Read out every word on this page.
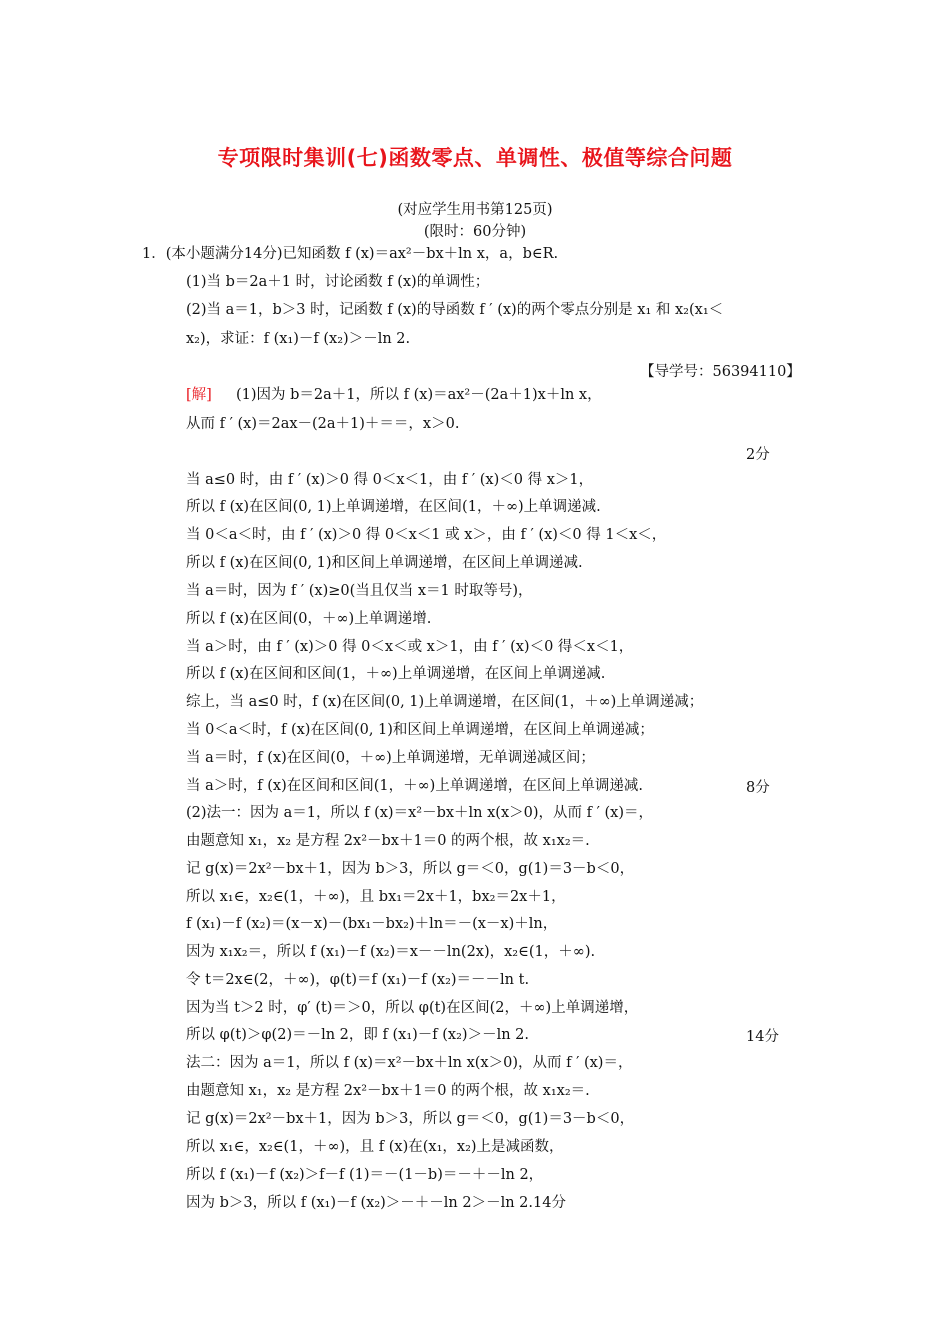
专项限时集训(七)函数零点、单调性、极值等综合问题
(对应学生用书第125页)
(限时：60分钟)
1．(本小题满分14分)已知函数 f (x)＝ax²－bx＋ln x，a，b∈R.
(1)当 b＝2a＋1 时，讨论函数 f (x)的单调性；
(2)当 a＝1，b＞3 时，记函数 f (x)的导函数 f ′ (x)的两个零点分别是 x₁ 和 x₂(x₁＜
x₂)，求证：f (x₁)－f (x₂)＞－ln 2.
【导学号：56394110】
[解] (1)因为 b＝2a＋1，所以 f (x)＝ax²－(2a＋1)x＋ln x，
从而 f ′ (x)＝2ax－(2a＋1)＋＝＝，x＞0.
2分
当 a≤0 时，由 f ′ (x)＞0 得 0＜x＜1，由 f ′ (x)＜0 得 x＞1，
所以 f (x)在区间(0, 1)上单调递增，在区间(1，＋∞)上单调递减.
当 0＜a＜时，由 f ′ (x)＞0 得 0＜x＜1 或 x＞，由 f ′ (x)＜0 得 1＜x＜，
所以 f (x)在区间(0, 1)和区间上单调递增，在区间上单调递减.
当 a＝时，因为 f ′ (x)≥0(当且仅当 x＝1 时取等号)，
所以 f (x)在区间(0，＋∞)上单调递增.
当 a＞时，由 f ′ (x)＞0 得 0＜x＜或 x＞1，由 f ′ (x)＜0 得＜x＜1，
所以 f (x)在区间和区间(1，＋∞)上单调递增，在区间上单调递减.
综上，当 a≤0 时，f (x)在区间(0, 1)上单调递增，在区间(1，＋∞)上单调递减；
当 0＜a＜时，f (x)在区间(0, 1)和区间上单调递增，在区间上单调递减；
当 a＝时，f (x)在区间(0，＋∞)上单调递增，无单调递减区间；
当 a＞时，f (x)在区间和区间(1，＋∞)上单调递增，在区间上单调递减.	8分
(2)法一：因为 a＝1，所以 f (x)＝x²－bx＋ln x(x＞0)，从而 f ′ (x)＝，
由题意知 x₁，x₂ 是方程 2x²－bx＋1＝0 的两个根，故 x₁x₂＝.
记 g(x)＝2x²－bx＋1，因为 b＞3，所以 g＝＜0，g(1)＝3－b＜0，
所以 x₁∈，x₂∈(1，＋∞)，且 bx₁＝2x＋1，bx₂＝2x＋1，
f (x₁)－f (x₂)＝(x－x)－(bx₁－bx₂)＋ln＝－(x－x)＋ln，
因为 x₁x₂＝，所以 f (x₁)－f (x₂)＝x－－ln(2x)，x₂∈(1，＋∞).
令 t＝2x∈(2，＋∞)，φ(t)＝f (x₁)－f (x₂)＝－－ln t.
因为当 t＞2 时，φ′ (t)＝＞0，所以 φ(t)在区间(2，＋∞)上单调递增，
所以 φ(t)＞φ(2)＝－ln 2，即 f (x₁)－f (x₂)＞－ln 2.	14分
法二：因为 a＝1，所以 f (x)＝x²－bx＋ln x(x＞0)，从而 f ′ (x)＝，
由题意知 x₁，x₂ 是方程 2x²－bx＋1＝0 的两个根，故 x₁x₂＝.
记 g(x)＝2x²－bx＋1，因为 b＞3，所以 g＝＜0，g(1)＝3－b＜0，
所以 x₁∈，x₂∈(1，＋∞)，且 f (x)在(x₁，x₂)上是减函数，
所以 f (x₁)－f (x₂)＞f－f (1)＝－(1－b)＝－＋－ln 2，
因为 b＞3，所以 f (x₁)－f (x₂)＞－＋－ln 2＞－ln 2.14分
